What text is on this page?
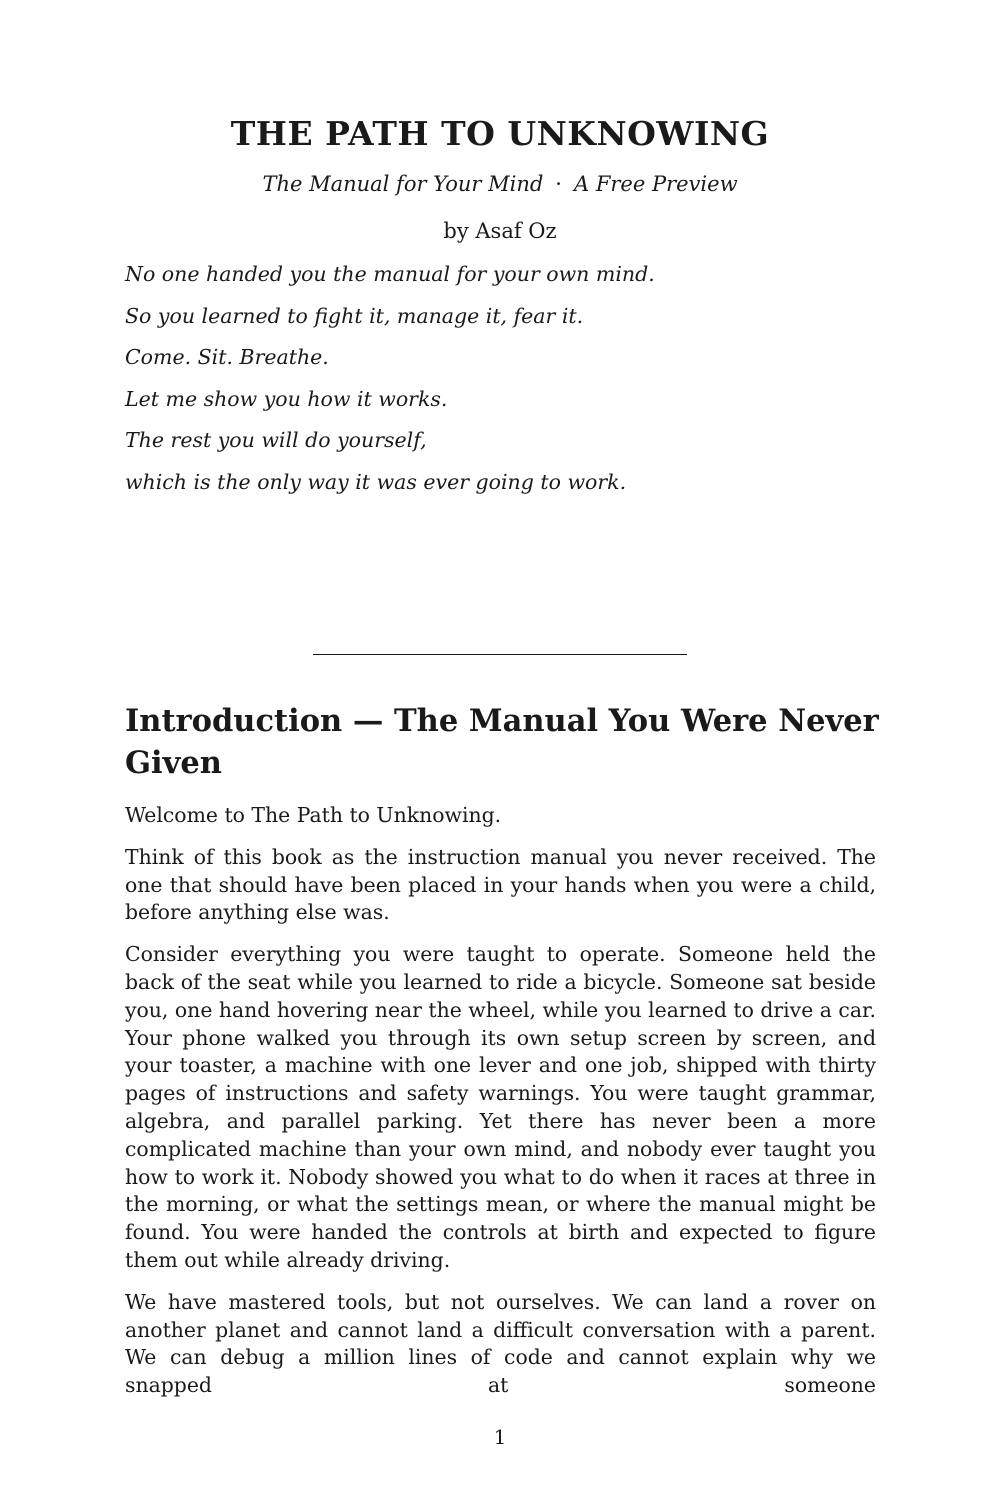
THE PATH TO UNKNOWING

The Manual for Your Mind · A Free Preview

by Asaf Oz

No one handed you the manual for your own mind.
So you learned to fight it, manage it, fear it.
Come. Sit. Breathe.
Let me show you how it works.
The rest you will do yourself,
which is the only way it was ever going to work.
Introduction — The Manual You Were Never Given

Welcome to The Path to Unknowing.

Think of this book as the instruction manual you never received. The one that should have been placed in your hands when you were a child, before anything else was.

Consider everything you were taught to operate. Someone held the back of the seat while you learned to ride a bicycle. Someone sat beside you, one hand hovering near the wheel, while you learned to drive a car. Your phone walked you through its own setup screen by screen, and your toaster, a machine with one lever and one job, shipped with thirty pages of instructions and safety warnings. You were taught grammar, algebra, and parallel parking. Yet there has never been a more complicated machine than your own mind, and nobody ever taught you how to work it. Nobody showed you what to do when it races at three in the morning, or what the settings mean, or where the manual might be found. You were handed the controls at birth and expected to figure them out while already driving.

We have mastered tools, but not ourselves. We can land a rover on another planet and cannot land a difficult conversation with a parent. We can debug a million lines of code and cannot explain why we snapped at someone

1
